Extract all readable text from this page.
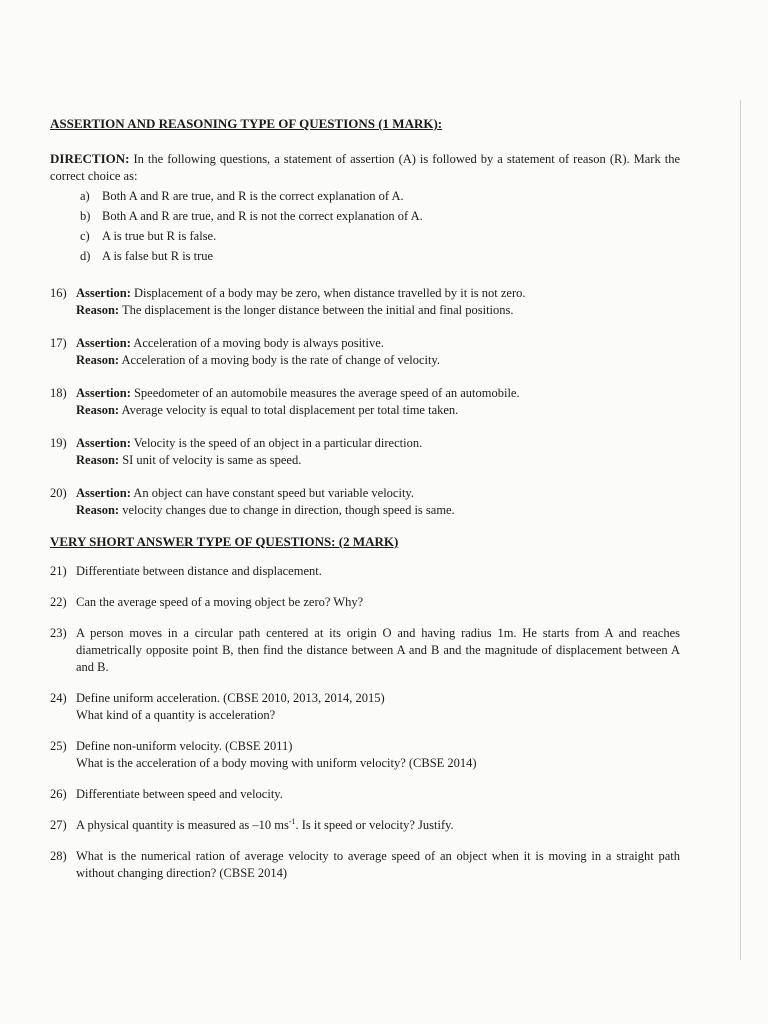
ASSERTION AND REASONING TYPE OF QUESTIONS (1 MARK):

DIRECTION: In the following questions, a statement of assertion (A) is followed by a statement of reason (R). Mark the correct choice as:
a) Both A and R are true, and R is the correct explanation of A.
b) Both A and R are true, and R is not the correct explanation of A.
c) A is true but R is false.
d) A is false but R is true
16) Assertion: Displacement of a body may be zero, when distance travelled by it is not zero.
Reason: The displacement is the longer distance between the initial and final positions.
17) Assertion: Acceleration of a moving body is always positive.
Reason: Acceleration of a moving body is the rate of change of velocity.
18) Assertion: Speedometer of an automobile measures the average speed of an automobile.
Reason: Average velocity is equal to total displacement per total time taken.
19) Assertion: Velocity is the speed of an object in a particular direction.
Reason: SI unit of velocity is same as speed.
20) Assertion: An object can have constant speed but variable velocity.
Reason: velocity changes due to change in direction, though speed is same.

VERY SHORT ANSWER TYPE OF QUESTIONS: (2 MARK)

21) Differentiate between distance and displacement.
22) Can the average speed of a moving object be zero? Why?
23) A person moves in a circular path centered at its origin O and having radius 1m. He starts from A and reaches diametrically opposite point B, then find the distance between A and B and the magnitude of displacement between A and B.
24) Define uniform acceleration. (CBSE 2010, 2013, 2014, 2015)
What kind of a quantity is acceleration?
25) Define non-uniform velocity. (CBSE 2011)
What is the acceleration of a body moving with uniform velocity? (CBSE 2014)
26) Differentiate between speed and velocity.
27) A physical quantity is measured as –10 $ms^{-1}$. Is it speed or velocity? Justify.
28) What is the numerical ration of average velocity to average speed of an object when it is moving in a straight path without changing direction? (CBSE 2014)
